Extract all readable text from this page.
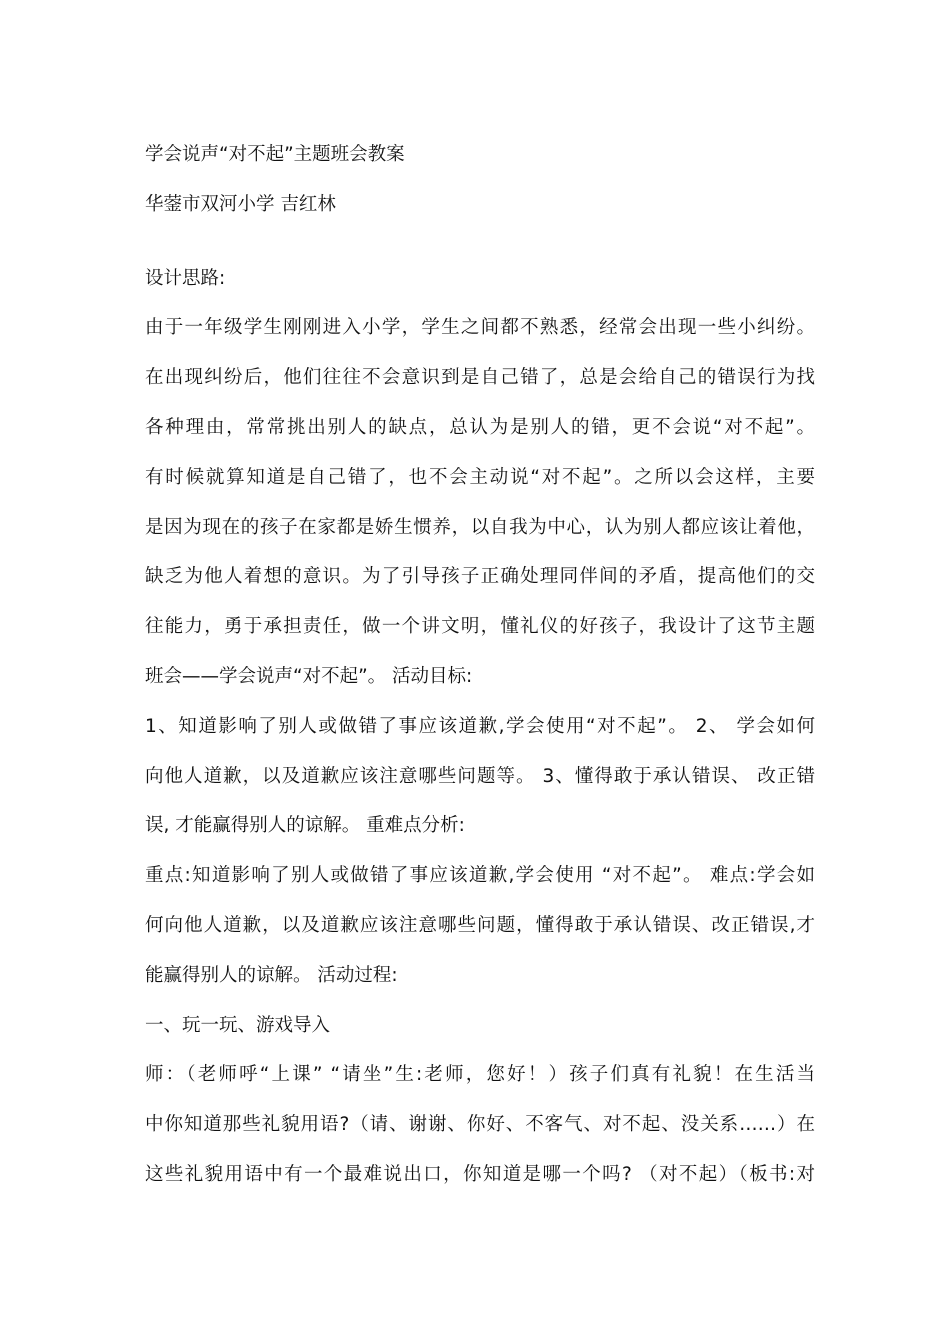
学会说声“对不起”主题班会教案
华蓥市双河小学 吉红林
设计思路:
由于一年级学生刚刚进入小学，学生之间都不熟悉，经常会出现一些小纠纷。
在出现纠纷后，他们往往不会意识到是自己错了，总是会给自己的错误行为找
各种理由，常常挑出别人的缺点，总认为是别人的错，更不会说“对不起”。
有时候就算知道是自己错了，也不会主动说“对不起”。之所以会这样，主要
是因为现在的孩子在家都是娇生惯养，以自我为中心，认为别人都应该让着他，
缺乏为他人着想的意识。为了引导孩子正确处理同伴间的矛盾，提高他们的交
往能力，勇于承担责任，做一个讲文明，懂礼仪的好孩子，我设计了这节主题
班会——学会说声“对不起”。 活动目标:
1、知道影响了别人或做错了事应该道歉,学会使用“对不起”。 2、 学会如何
向他人道歉，以及道歉应该注意哪些问题等。 3、懂得敢于承认错误、 改正错
误, 才能赢得别人的谅解。 重难点分析:
重点:知道影响了别人或做错了事应该道歉,学会使用 “对不起”。 难点:学会如
何向他人道歉，以及道歉应该注意哪些问题，懂得敢于承认错误、改正错误,才
能赢得别人的谅解。 活动过程:
一、玩一玩、游戏导入
师：（老师呼“上课” “请坐”生:老师，您好！）孩子们真有礼貌！在生活当
中你知道那些礼貌用语?（请、谢谢、你好、不客气、对不起、没关系……）在
这些礼貌用语中有一个最难说出口，你知道是哪一个吗? （对不起）（板书:对
